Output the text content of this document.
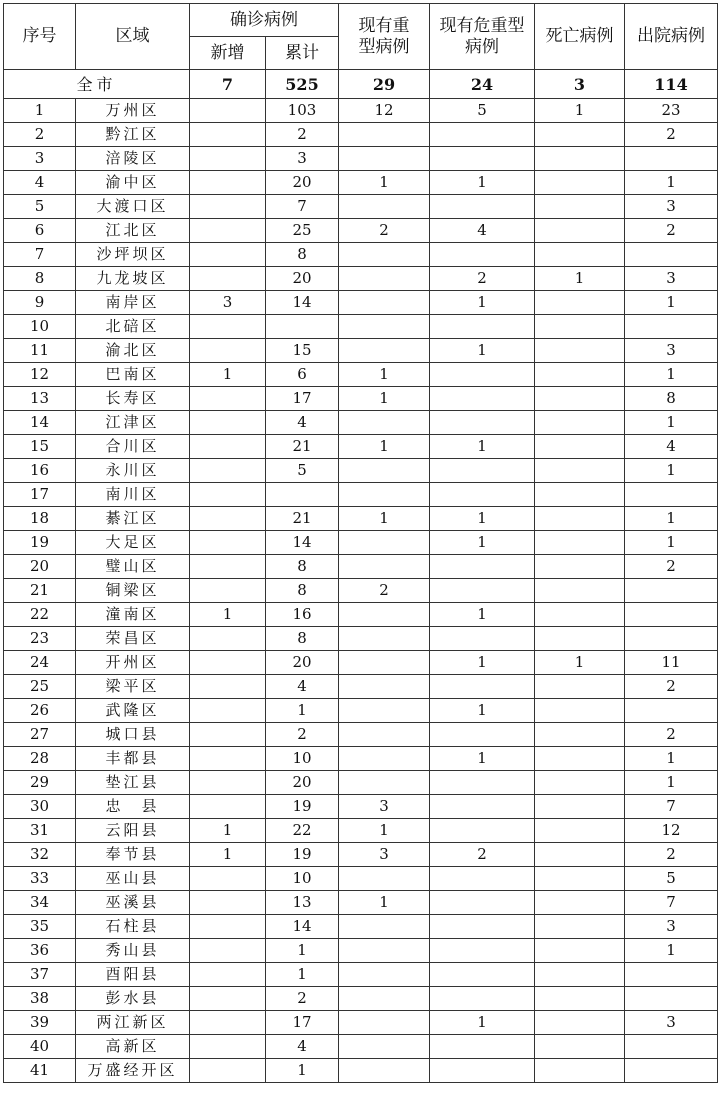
序号	区域	确诊病例		现有重型病例	现有危重型病例	死亡病例	出院病例
		新增	累计				
全市		7	525	29	24	3	114
1	万州区		103	12	5	1	23
2	黔江区		2				2
3	涪陵区		3				
4	渝中区		20	1	1		1
5	大渡口区		7				3
6	江北区		25	2	4		2
7	沙坪坝区		8				
8	九龙坡区		20		2	1	3
9	南岸区	3	14		1		1
10	北碚区						
11	渝北区		15		1		3
12	巴南区	1	6	1			1
13	长寿区		17	1			8
14	江津区		4				1
15	合川区		21	1	1		4
16	永川区		5				1
17	南川区						
18	綦江区		21	1	1		1
19	大足区		14		1		1
20	璧山区		8				2
21	铜梁区		8	2			
22	潼南区	1	16		1		
23	荣昌区		8				
24	开州区		20		1	1	11
25	梁平区		4				2
26	武隆区		1		1		
27	城口县		2				2
28	丰都县		10		1		1
29	垫江县		20				1
30	忠　县		19	3			7
31	云阳县	1	22	1			12
32	奉节县	1	19	3	2		2
33	巫山县		10				5
34	巫溪县		13	1			7
35	石柱县		14				3
36	秀山县		1				1
37	酉阳县		1				
38	彭水县		2				
39	两江新区		17		1		3
40	高新区		4				
41	万盛经开区		1				
